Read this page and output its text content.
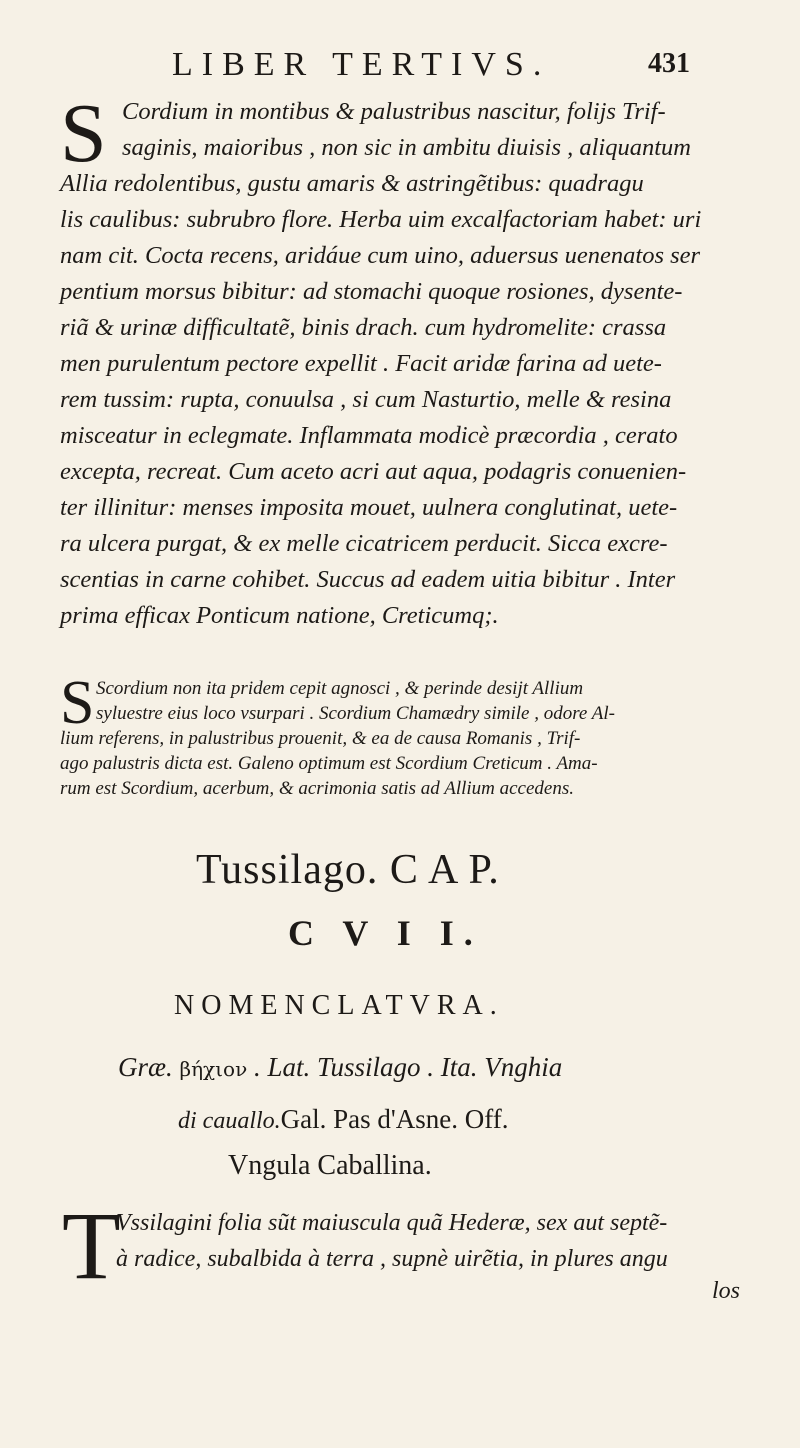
LIBER TERTIVS.	431
S Cordium in montibus & palustribus nascitur, folijs Trif-
saginis, maioribus , non sic in ambitu diuisis , aliquantum
Allia redolentibus, gustu amaris & astringẽtibus: quadragu
lis caulibus: subrubro flore. Herba uim excalfactoriam habet: uri
nam cit. Cocta recens, aridáue cum uino, aduersus uenenatos ser
pentium morsus bibitur: ad stomachi quoque rosiones, dysente-
riã & urinæ difficultatẽ, binis drach. cum hydromelite: crassa
men purulentum pectore expellit . Facit aridæ farina ad uete-
rem tussim: rupta, conuulsa , si cum Nasturtio, melle & resina
misceatur in eclegmate. Inflammata modicè præcordia , cerato
excepta, recreat. Cum aceto acri aut aqua, podagris conuenien-
ter illinitur: menses imposita mouet, uulnera conglutinat, uete-
ra ulcera purgat, & ex melle cicatricem perducit. Sicca excre-
scentias in carne cohibet. Succus ad eadem uitia bibitur . Inter
prima efficax Ponticum natione, Creticumq;.
S Scordium non ita pridem cepit agnosci , & perinde desijt Allium
syluestre eius loco vsurpari . Scordium Chamædry simile , odore Al-
lium referens, in palustribus prouenit, & ea de causa Romanis , Trif-
ago palustris dicta est. Galeno optimum est Scordium Creticum . Ama-
rum est Scordium, acerbum, & acrimonia satis ad Allium accedens.
Tussilago. C A P.
C V I I.
NOMENCLATVRA.
Græ. βήχιον . Lat. Tussilago . Ita. Vnghia
di cauallo.Gal. Pas d'Asne. Off.
Vngula Caballina.
T
Vssilagini folia sũt maiuscula quã Hederæ, sex aut septẽ-
à radice, subalbida à terra , supnè uirẽtia, in plures angu
los
